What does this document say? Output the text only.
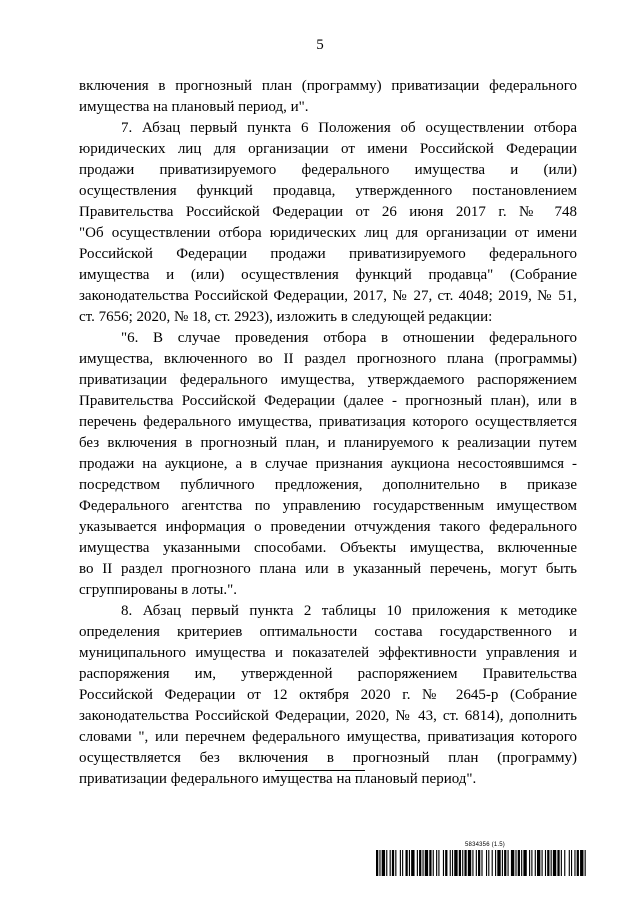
5
включения в прогнозный план (программу) приватизации федерального
имущества на плановый период, и".
7. Абзац первый пункта 6 Положения об осуществлении отбора
юридических лиц для организации от имени Российской Федерации
продажи приватизируемого федерального имущества и (или)
осуществления функций продавца, утвержденного постановлением
Правительства Российской Федерации от 26 июня 2017 г. № 748
"Об осуществлении отбора юридических лиц для организации от имени
Российской Федерации продажи приватизируемого федерального
имущества и (или) осуществления функций продавца" (Собрание
законодательства Российской Федерации, 2017, № 27, ст. 4048; 2019, № 51,
ст. 7656; 2020, № 18, ст. 2923), изложить в следующей редакции:
"6. В случае проведения отбора в отношении федерального
имущества, включенного во II раздел прогнозного плана (программы)
приватизации федерального имущества, утверждаемого распоряжением
Правительства Российской Федерации (далее - прогнозный план), или в
перечень федерального имущества, приватизация которого осуществляется
без включения в прогнозный план, и планируемого к реализации путем
продажи на аукционе, а в случае признания аукциона несостоявшимся -
посредством публичного предложения, дополнительно в приказе
Федерального агентства по управлению государственным имуществом
указывается информация о проведении отчуждения такого федерального
имущества указанными способами. Объекты имущества, включенные
во II раздел прогнозного плана или в указанный перечень, могут быть
сгруппированы в лоты.".
8. Абзац первый пункта 2 таблицы 10 приложения к методике
определения критериев оптимальности состава государственного и
муниципального имущества и показателей эффективности управления и
распоряжения им, утвержденной распоряжением Правительства
Российской Федерации от 12 октября 2020 г. № 2645-р (Собрание
законодательства Российской Федерации, 2020, № 43, ст. 6814), дополнить
словами ", или перечнем федерального имущества, приватизация которого
осуществляется без включения в прогнозный план (программу)
приватизации федерального имущества на плановый период".
5834356 (1.5)
